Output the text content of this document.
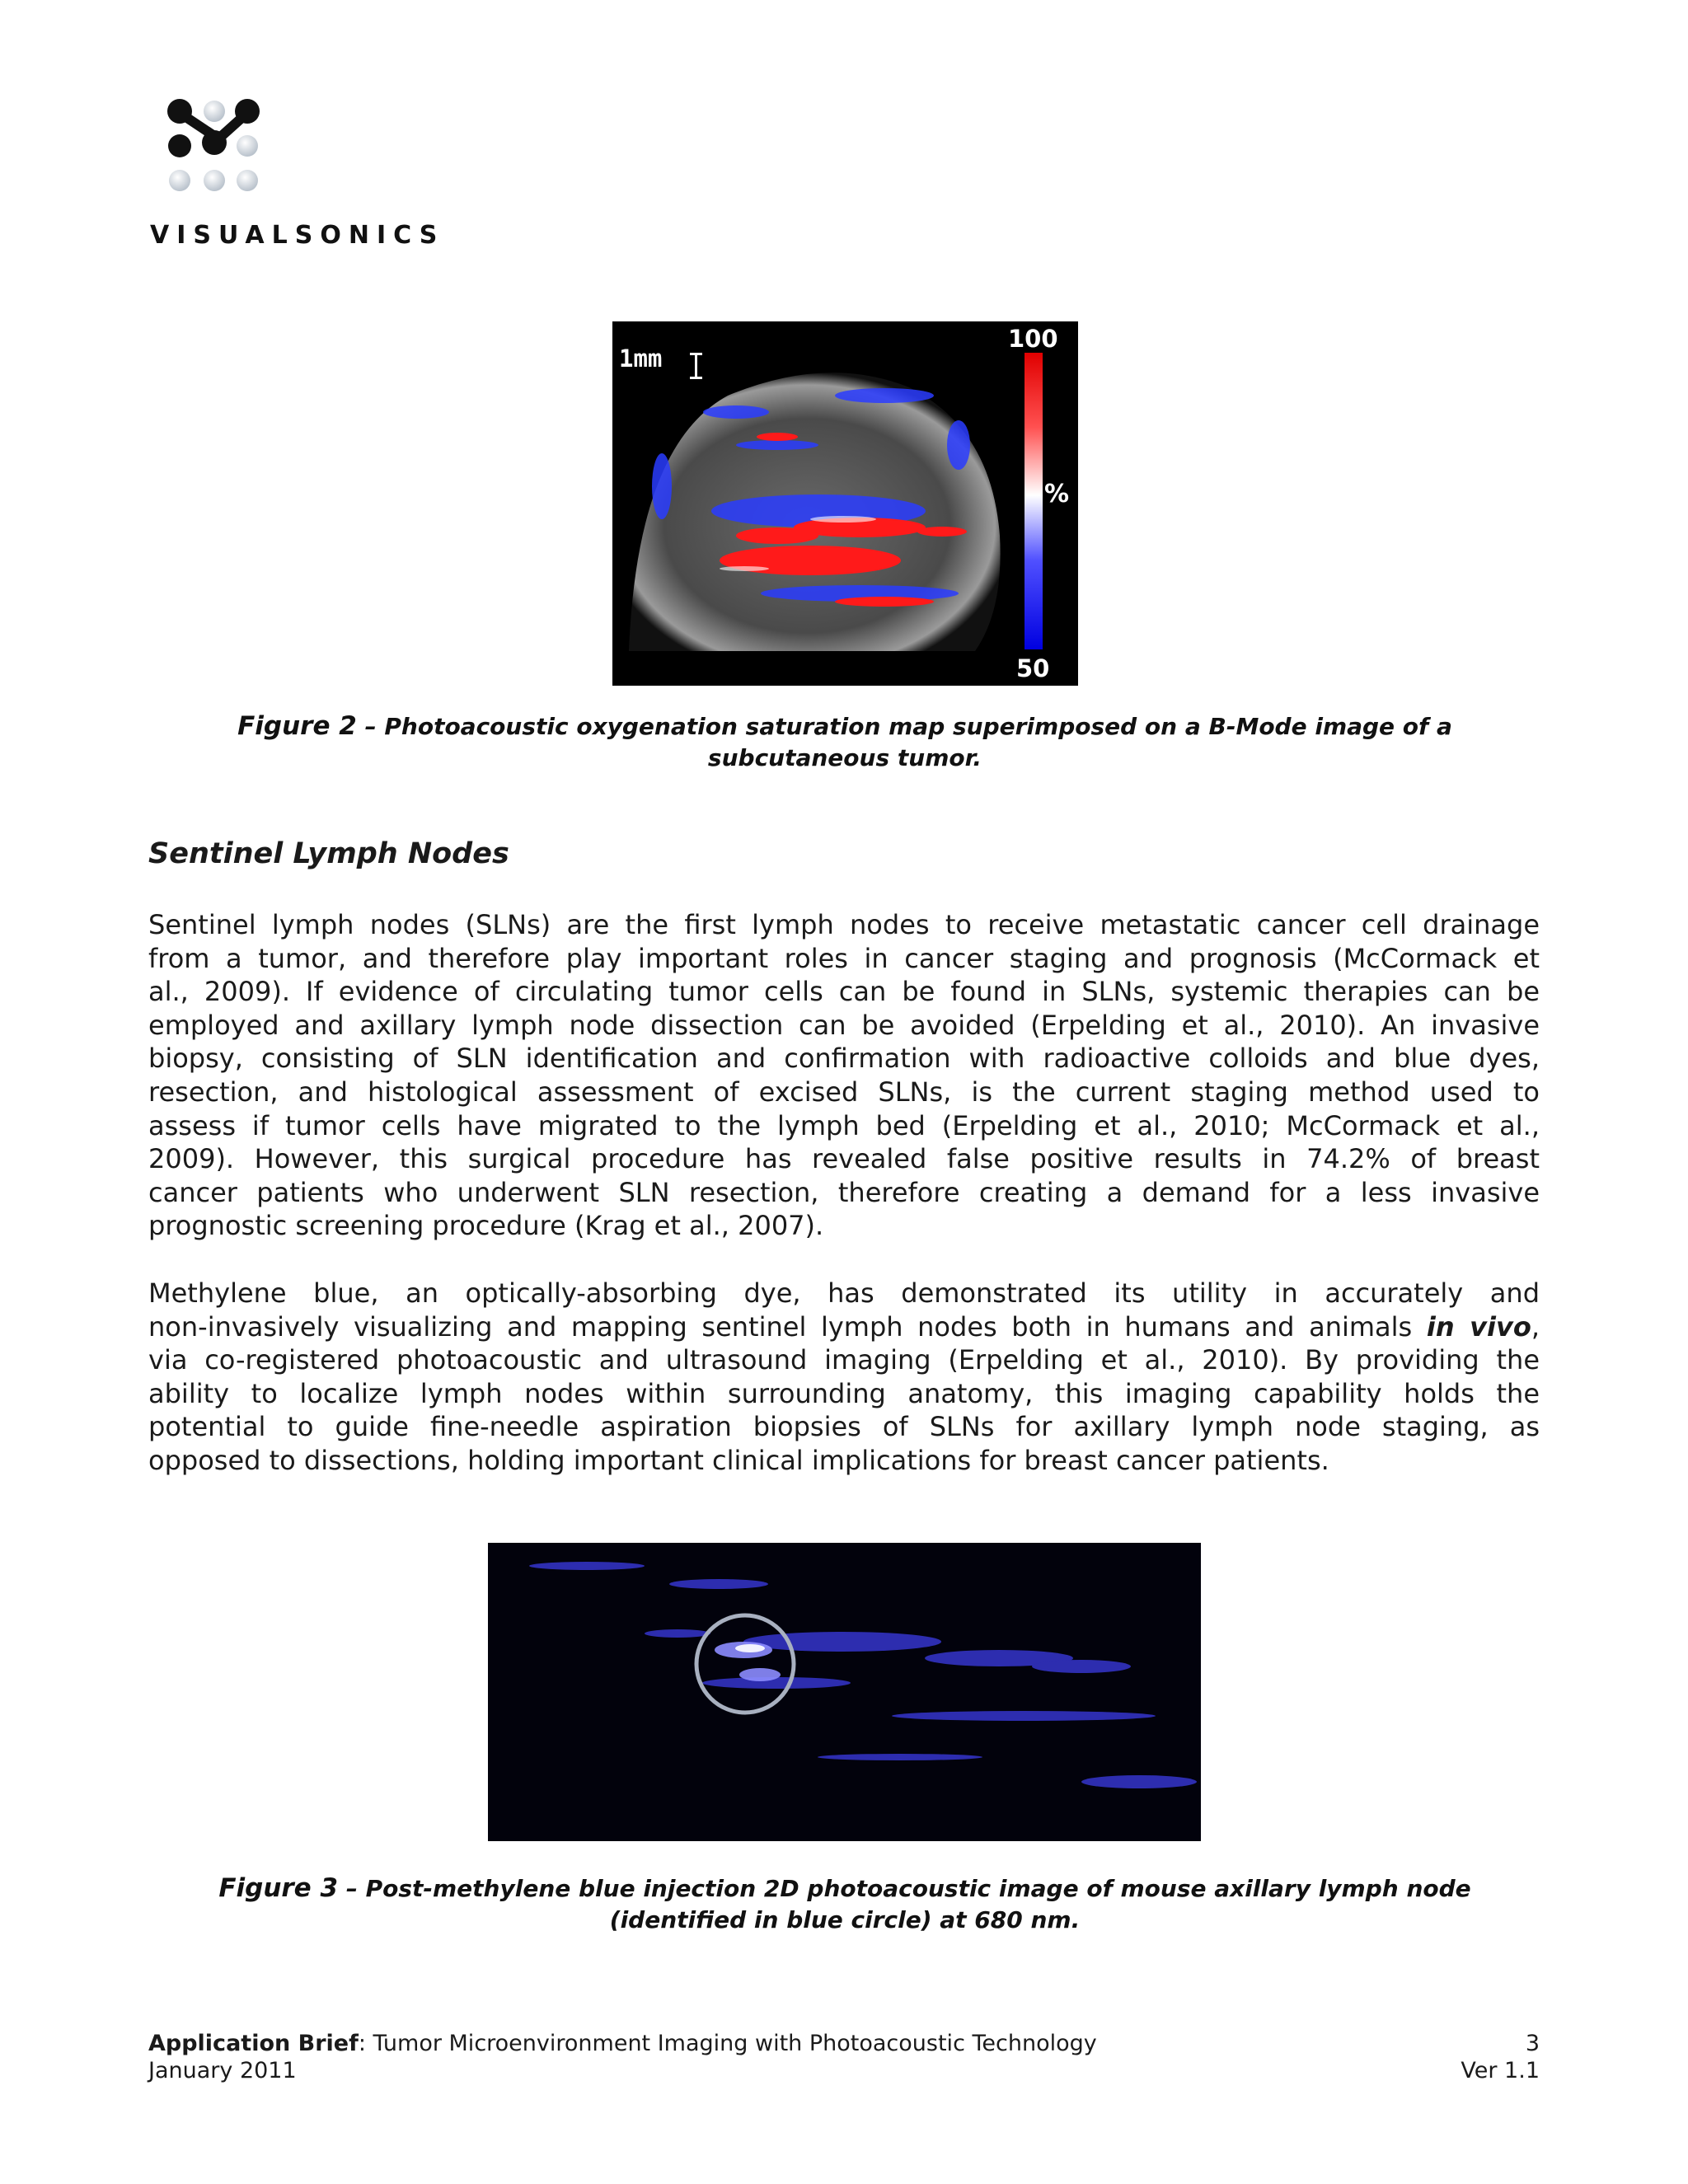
VISUALSONICS
1mm
100
%
50
Figure 2 – Photoacoustic oxygenation saturation map superimposed on a B-Mode image of a subcutaneous tumor.
Sentinel Lymph Nodes
Sentinel lymph nodes (SLNs) are the first lymph nodes to receive metastatic cancer cell drainage
from a tumor, and therefore play important roles in cancer staging and prognosis (McCormack et
al., 2009). If evidence of circulating tumor cells can be found in SLNs, systemic therapies can be
employed and axillary lymph node dissection can be avoided (Erpelding et al., 2010). An invasive
biopsy, consisting of SLN identification and confirmation with radioactive colloids and blue dyes,
resection, and histological assessment of excised SLNs, is the current staging method used to
assess if tumor cells have migrated to the lymph bed (Erpelding et al., 2010; McCormack et al.,
2009). However, this surgical procedure has revealed false positive results in 74.2% of breast
cancer patients who underwent SLN resection, therefore creating a demand for a less invasive
prognostic screening procedure (Krag et al., 2007).
Methylene blue, an optically-absorbing dye, has demonstrated its utility in accurately and
non-invasively visualizing and mapping sentinel lymph nodes both in humans and animals in vivo,
via co-registered photoacoustic and ultrasound imaging (Erpelding et al., 2010). By providing the
ability to localize lymph nodes within surrounding anatomy, this imaging capability holds the
potential to guide fine-needle aspiration biopsies of SLNs for axillary lymph node staging, as
opposed to dissections, holding important clinical implications for breast cancer patients.
Figure 3 – Post-methylene blue injection 2D photoacoustic image of mouse axillary lymph node (identified in blue circle) at 680 nm.
Application Brief: Tumor Microenvironment Imaging with Photoacoustic Technology	3
January 2011	Ver 1.1
